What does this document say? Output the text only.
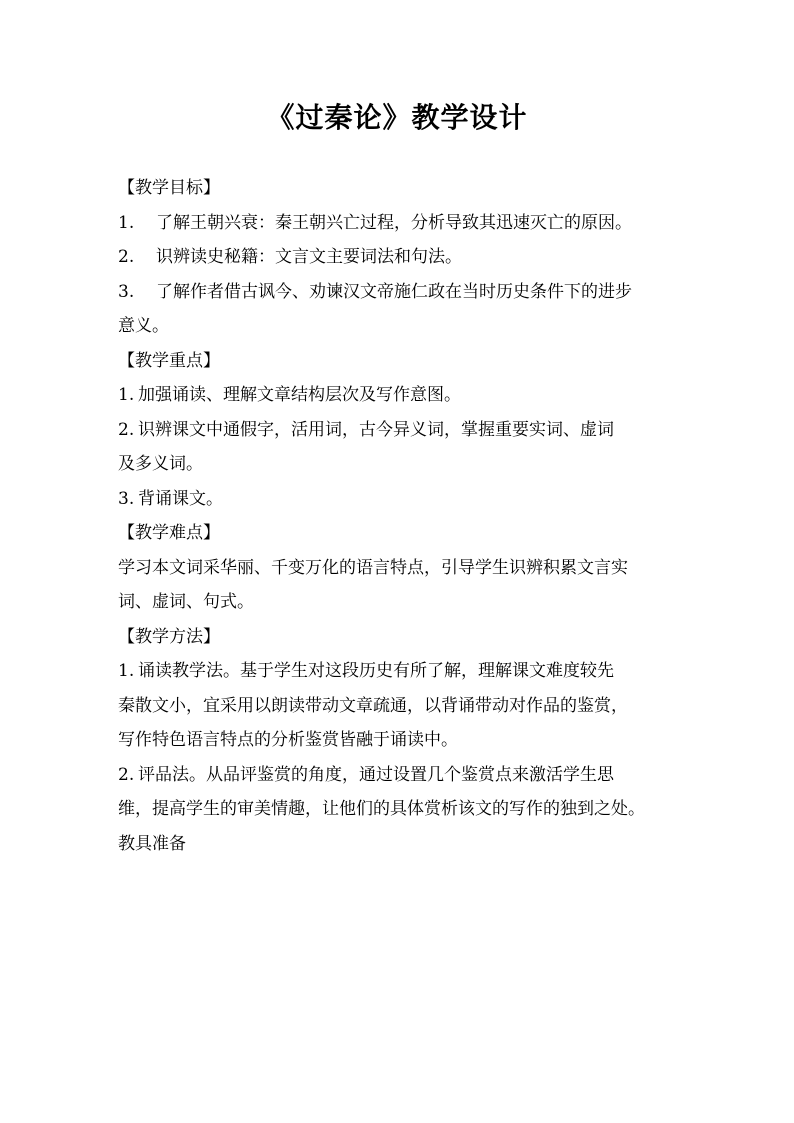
《过秦论》教学设计
【教学目标】
1. 了解王朝兴衰：秦王朝兴亡过程，分析导致其迅速灭亡的原因。
2. 识辨读史秘籍：文言文主要词法和句法。
3. 了解作者借古讽今、劝谏汉文帝施仁政在当时历史条件下的进步
意义。
【教学重点】
1. 加强诵读、理解文章结构层次及写作意图。
2. 识辨课文中通假字，活用词，古今异义词，掌握重要实词、虚词
及多义词。
3. 背诵课文。
【教学难点】
学习本文词采华丽、千变万化的语言特点，引导学生识辨积累文言实
词、虚词、句式。
【教学方法】
1. 诵读教学法。基于学生对这段历史有所了解，理解课文难度较先
秦散文小，宜采用以朗读带动文章疏通，以背诵带动对作品的鉴赏，
写作特色语言特点的分析鉴赏皆融于诵读中。
2. 评品法。从品评鉴赏的角度，通过设置几个鉴赏点来激活学生思
维，提高学生的审美情趣，让他们的具体赏析该文的写作的独到之处。
教具准备
